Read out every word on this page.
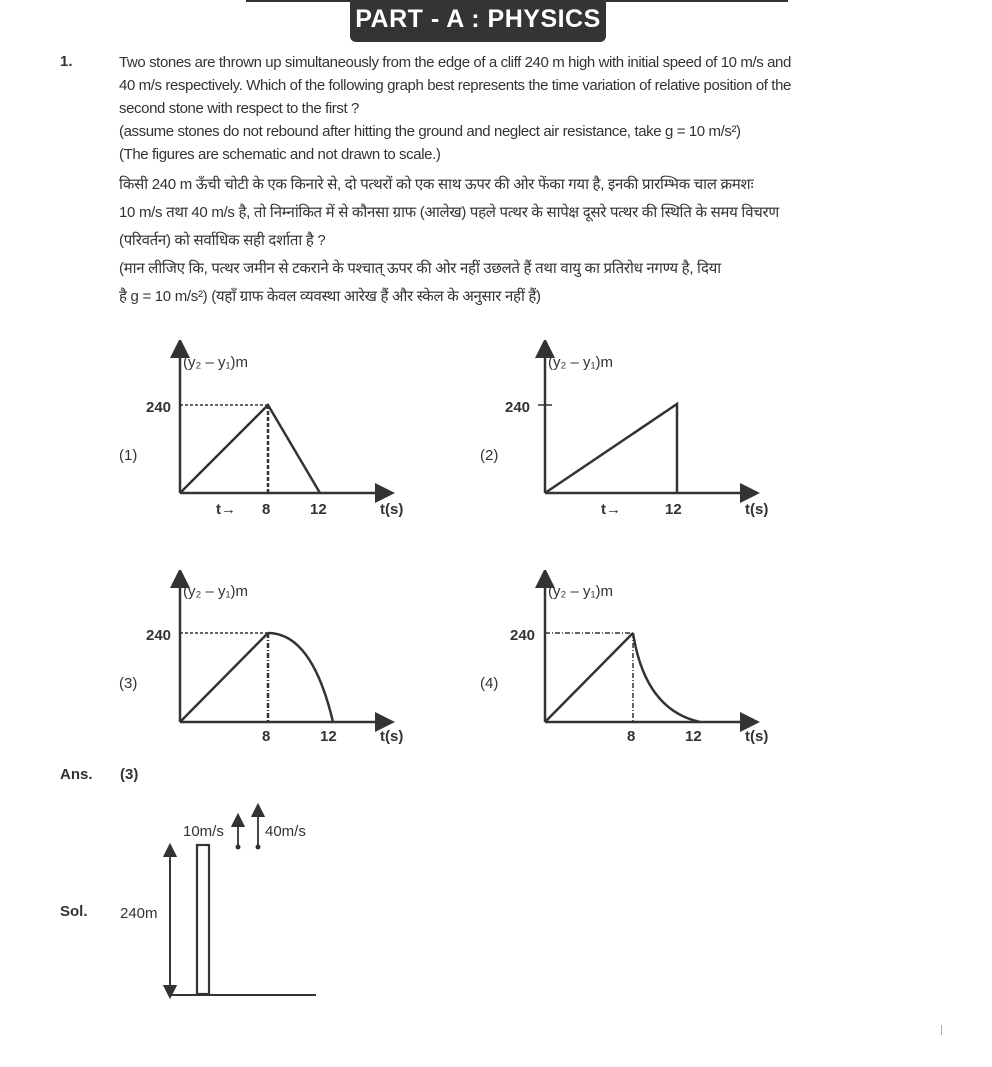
PART - A : PHYSICS
1.	Two stones are thrown up simultaneously from the edge of a cliff 240 m high with initial speed of 10 m/s and

40 m/s respectively. Which of the following graph best represents the time variation of relative position of the

second stone with respect to the first ?

(assume stones do not rebound after hitting the ground and neglect air resistance, take g = 10 m/s²)

(The figures are schematic and not drawn to scale.)

किसी 240 m ऊँची चोटी के एक किनारे से, दो पत्थरों को एक साथ ऊपर की ओर फेंका गया है, इनकी प्रारम्भिक चाल क्रमशः

10 m/s तथा 40 m/s है, तो निम्नांकित में से कौनसा ग्राफ (आलेख) पहले पत्थर के सापेक्ष दूसरे पत्थर की स्थिति के समय विचरण

(परिवर्तन) को सर्वाधिक सही दर्शाता है ?

(मान लीजिए कि, पत्थर जमीन से टकराने के पश्चात् ऊपर की ओर नहीं उछलते हैं तथा वायु का प्रतिरोध नगण्य है, दिया

है g = 10 m/s²) (यहाँ ग्राफ केवल व्यवस्था आरेख हैं और स्केल के अनुसार नहीं हैं)

(1)
(y₂ – y₁)m
240
t→ 8	12	t(s)
(2)
(y₂ – y₁)m
240
t→	12	t(s)
(3)
(y₂ – y₁)m
240
8	12	t(s)
(4)
(y₂ – y₁)m
240
8	12	t(s)
Ans. (3)
Sol. 240m
10m/s	40m/s
